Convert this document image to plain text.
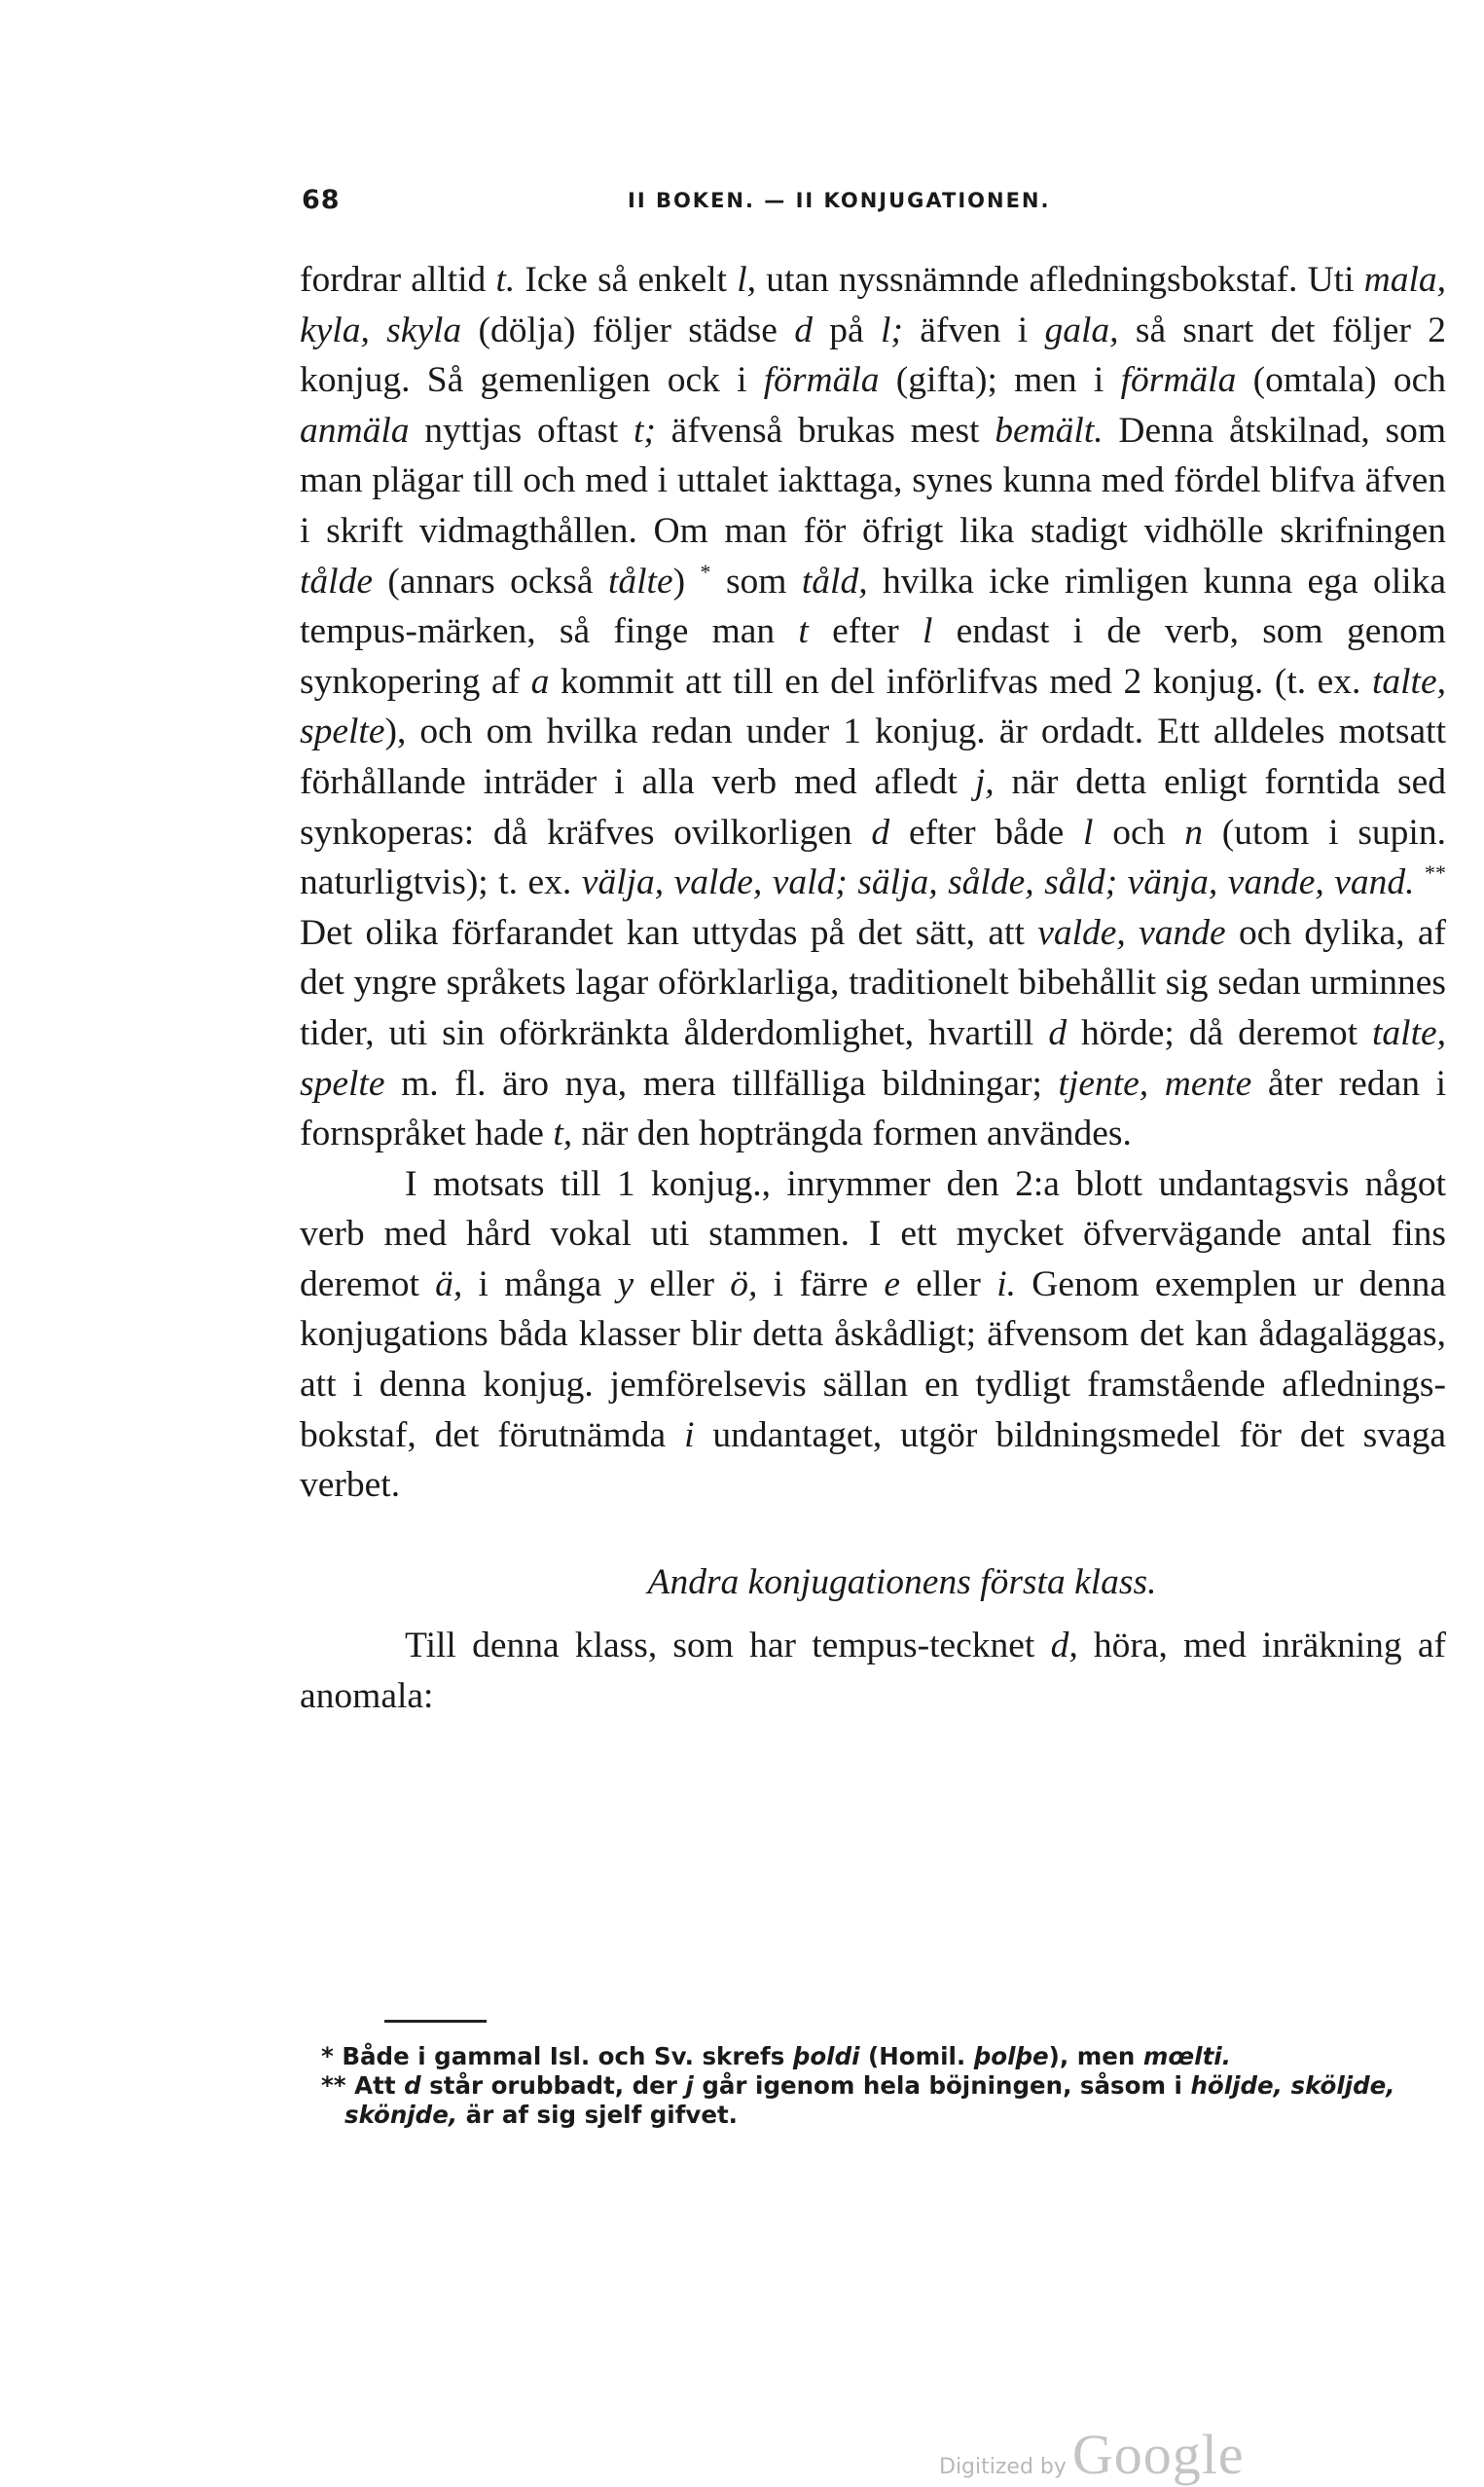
68	II BOKEN. — II KONJUGATIONEN.

fordrar alltid t. Icke så enkelt l, utan nyssnämnde afledningsbokstaf. Uti mala, kyla, skyla (dölja) följer städse d på l; äfven i gala, så snart det följer 2 konjug. Så gemenligen ock i förmäla (gifta); men i förmäla (omtala) och anmäla nyttjas oftast t; äfvenså brukas mest bemält. Denna åtskilnad, som man plägar till och med i uttalet iakttaga, synes kunna med fördel blifva äfven i skrift vidmagthållen. Om man för öfrigt lika stadigt vidhölle skrifningen tålde (annars också tålte) * som tåld, hvilka icke rimligen kunna ega olika tempus-märken, så finge man t efter l endast i de verb, som genom synkopering af a kommit att till en del införlifvas med 2 konjug. (t. ex. talte, spelte), och om hvilka redan under 1 konjug. är ordadt. Ett alldeles motsatt förhållande inträder i alla verb med afledt j, när detta enligt forntida sed synkoperas: då kräfves ovilkorligen d efter både l och n (utom i supin. naturligtvis); t. ex. välja, valde, vald; sälja, sålde, såld; vänja, vande, vand. ** Det olika förfarandet kan uttydas på det sätt, att valde, vande och dylika, af det yngre språkets lagar oförklarliga, traditionelt bibehållit sig sedan urminnes tider, uti sin oförkränkta ålderdomlighet, hvartill d hörde; då deremot talte, spelte m. fl. äro nya, mera tillfälliga bildningar; tjente, mente åter redan i fornspråket hade t, när den hopträngda formen användes.

I motsats till 1 konjug., inrymmer den 2:a blott undantagsvis något verb med hård vokal uti stammen. I ett mycket öfvervägande antal fins deremot ä, i många y eller ö, i färre e eller i. Genom exemplen ur denna konjugations båda klasser blir detta åskådligt; äfvensom det kan ådagaläggas, att i denna konjug. jemförelsevis sällan en tydligt framstående aflednings-bokstaf, det förutnämda i undantaget, utgör bildningsmedel för det svaga verbet.

Andra konjugationens första klass.

Till denna klass, som har tempus-tecknet d, höra, med inräkning af anomala:

* Både i gammal Isl. och Sv. skrefs þoldi (Homil. þolþe), men mœlti.

** Att d står orubbadt, der j går igenom hela böjningen, såsom i höljde, sköljde, skönjde, är af sig sjelf gifvet.

Digitized by Google
